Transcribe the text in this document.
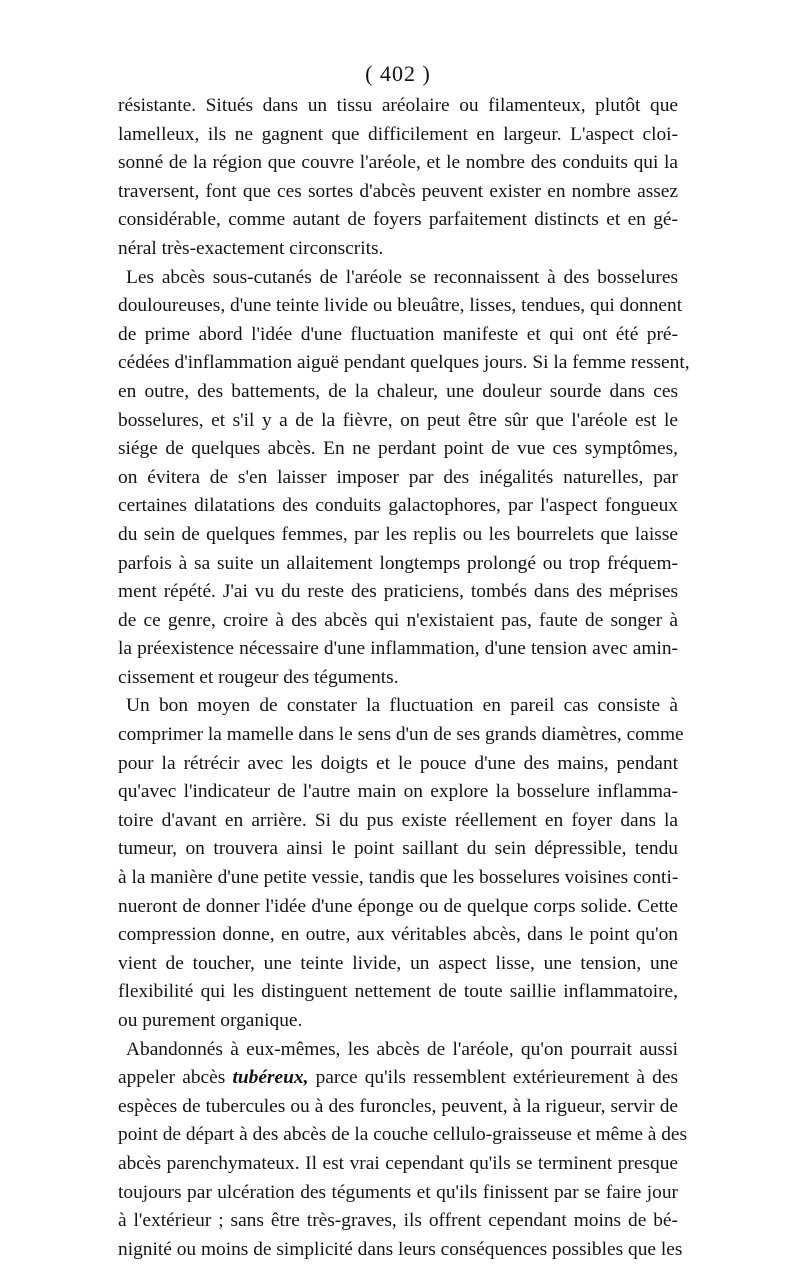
( 402 )
résistante. Situés dans un tissu aréolaire ou filamenteux, plutôt que
lamelleux, ils ne gagnent que difficilement en largeur. L'aspect cloi-
sonné de la région que couvre l'aréole, et le nombre des conduits qui la
traversent, font que ces sortes d'abcès peuvent exister en nombre assez
considérable, comme autant de foyers parfaitement distincts et en gé-
néral très-exactement circonscrits.
Les abcès sous-cutanés de l'aréole se reconnaissent à des bosselures
douloureuses, d'une teinte livide ou bleuâtre, lisses, tendues, qui donnent
de prime abord l'idée d'une fluctuation manifeste et qui ont été pré-
cédées d'inflammation aiguë pendant quelques jours. Si la femme ressent,
en outre, des battements, de la chaleur, une douleur sourde dans ces
bosselures, et s'il y a de la fièvre, on peut être sûr que l'aréole est le
siége de quelques abcès. En ne perdant point de vue ces symptômes,
on évitera de s'en laisser imposer par des inégalités naturelles, par
certaines dilatations des conduits galactophores, par l'aspect fongueux
du sein de quelques femmes, par les replis ou les bourrelets que laisse
parfois à sa suite un allaitement longtemps prolongé ou trop fréquem-
ment répété. J'ai vu du reste des praticiens, tombés dans des méprises
de ce genre, croire à des abcès qui n'existaient pas, faute de songer à
la préexistence nécessaire d'une inflammation, d'une tension avec amin-
cissement et rougeur des téguments.
Un bon moyen de constater la fluctuation en pareil cas consiste à
comprimer la mamelle dans le sens d'un de ses grands diamètres, comme
pour la rétrécir avec les doigts et le pouce d'une des mains, pendant
qu'avec l'indicateur de l'autre main on explore la bosselure inflamma-
toire d'avant en arrière. Si du pus existe réellement en foyer dans la
tumeur, on trouvera ainsi le point saillant du sein dépressible, tendu
à la manière d'une petite vessie, tandis que les bosselures voisines conti-
nueront de donner l'idée d'une éponge ou de quelque corps solide. Cette
compression donne, en outre, aux véritables abcès, dans le point qu'on
vient de toucher, une teinte livide, un aspect lisse, une tension, une
flexibilité qui les distinguent nettement de toute saillie inflammatoire,
ou purement organique.
Abandonnés à eux-mêmes, les abcès de l'aréole, qu'on pourrait aussi
appeler abcès tubéreux, parce qu'ils ressemblent extérieurement à des
espèces de tubercules ou à des furoncles, peuvent, à la rigueur, servir de
point de départ à des abcès de la couche cellulo-graisseuse et même à des
abcès parenchymateux. Il est vrai cependant qu'ils se terminent presque
toujours par ulcération des téguments et qu'ils finissent par se faire jour
à l'extérieur ; sans être très-graves, ils offrent cependant moins de bé-
nignité ou moins de simplicité dans leurs conséquences possibles que les
